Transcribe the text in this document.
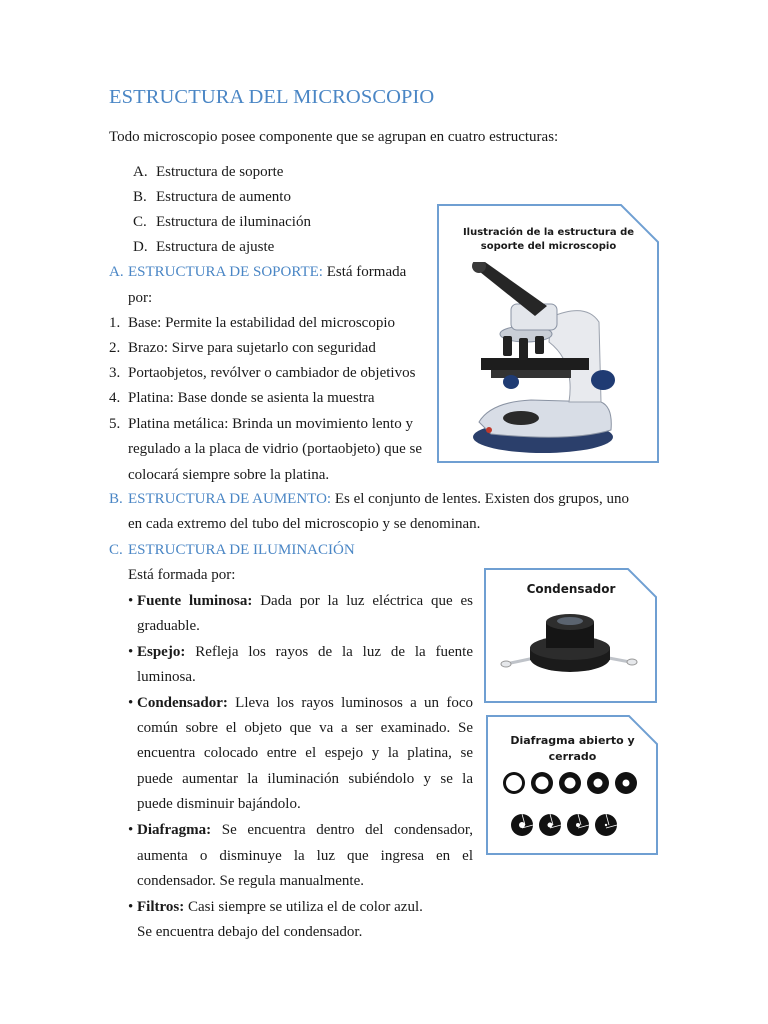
ESTRUCTURA DEL MICROSCOPIO
Todo microscopio posee componente que se agrupan en cuatro estructuras:
A. Estructura de soporte
B. Estructura de aumento
C. Estructura de iluminación
D. Estructura de ajuste
A. ESTRUCTURA DE SOPORTE: Está formada
por:
1. Base: Permite la estabilidad del microscopio
2. Brazo: Sirve para sujetarlo con seguridad
3. Portaobjetos, revólver o cambiador de objetivos
4. Platina: Base donde se asienta la muestra
5. Platina metálica: Brinda un movimiento lento y
regulado a la placa de vidrio (portaobjeto) que se
colocará siempre sobre la platina.
B. ESTRUCTURA DE AUMENTO: Es el conjunto de lentes. Existen dos grupos, uno
en cada extremo del tubo del microscopio y se denominan.
C. ESTRUCTURA DE ILUMINACIÓN
Está formada por:
• Fuente luminosa: Dada por la luz eléctrica que es
graduable.
• Espejo: Refleja los rayos de la luz de la fuente
luminosa.
• Condensador: Lleva los rayos luminosos a un foco
común sobre el objeto que va a ser examinado. Se
encuentra colocado entre el espejo y la platina, se
puede aumentar la iluminación subiéndolo y se la
puede disminuir bajándolo.
• Diafragma: Se encuentra dentro del condensador,
aumenta o disminuye la luz que ingresa en el
condensador. Se regula manualmente.
• Filtros: Casi siempre se utiliza el de color azul.
Se encuentra debajo del condensador.
Ilustración de la estructura de
soporte del microscopio
Condensador
Diafragma abierto y
cerrado
